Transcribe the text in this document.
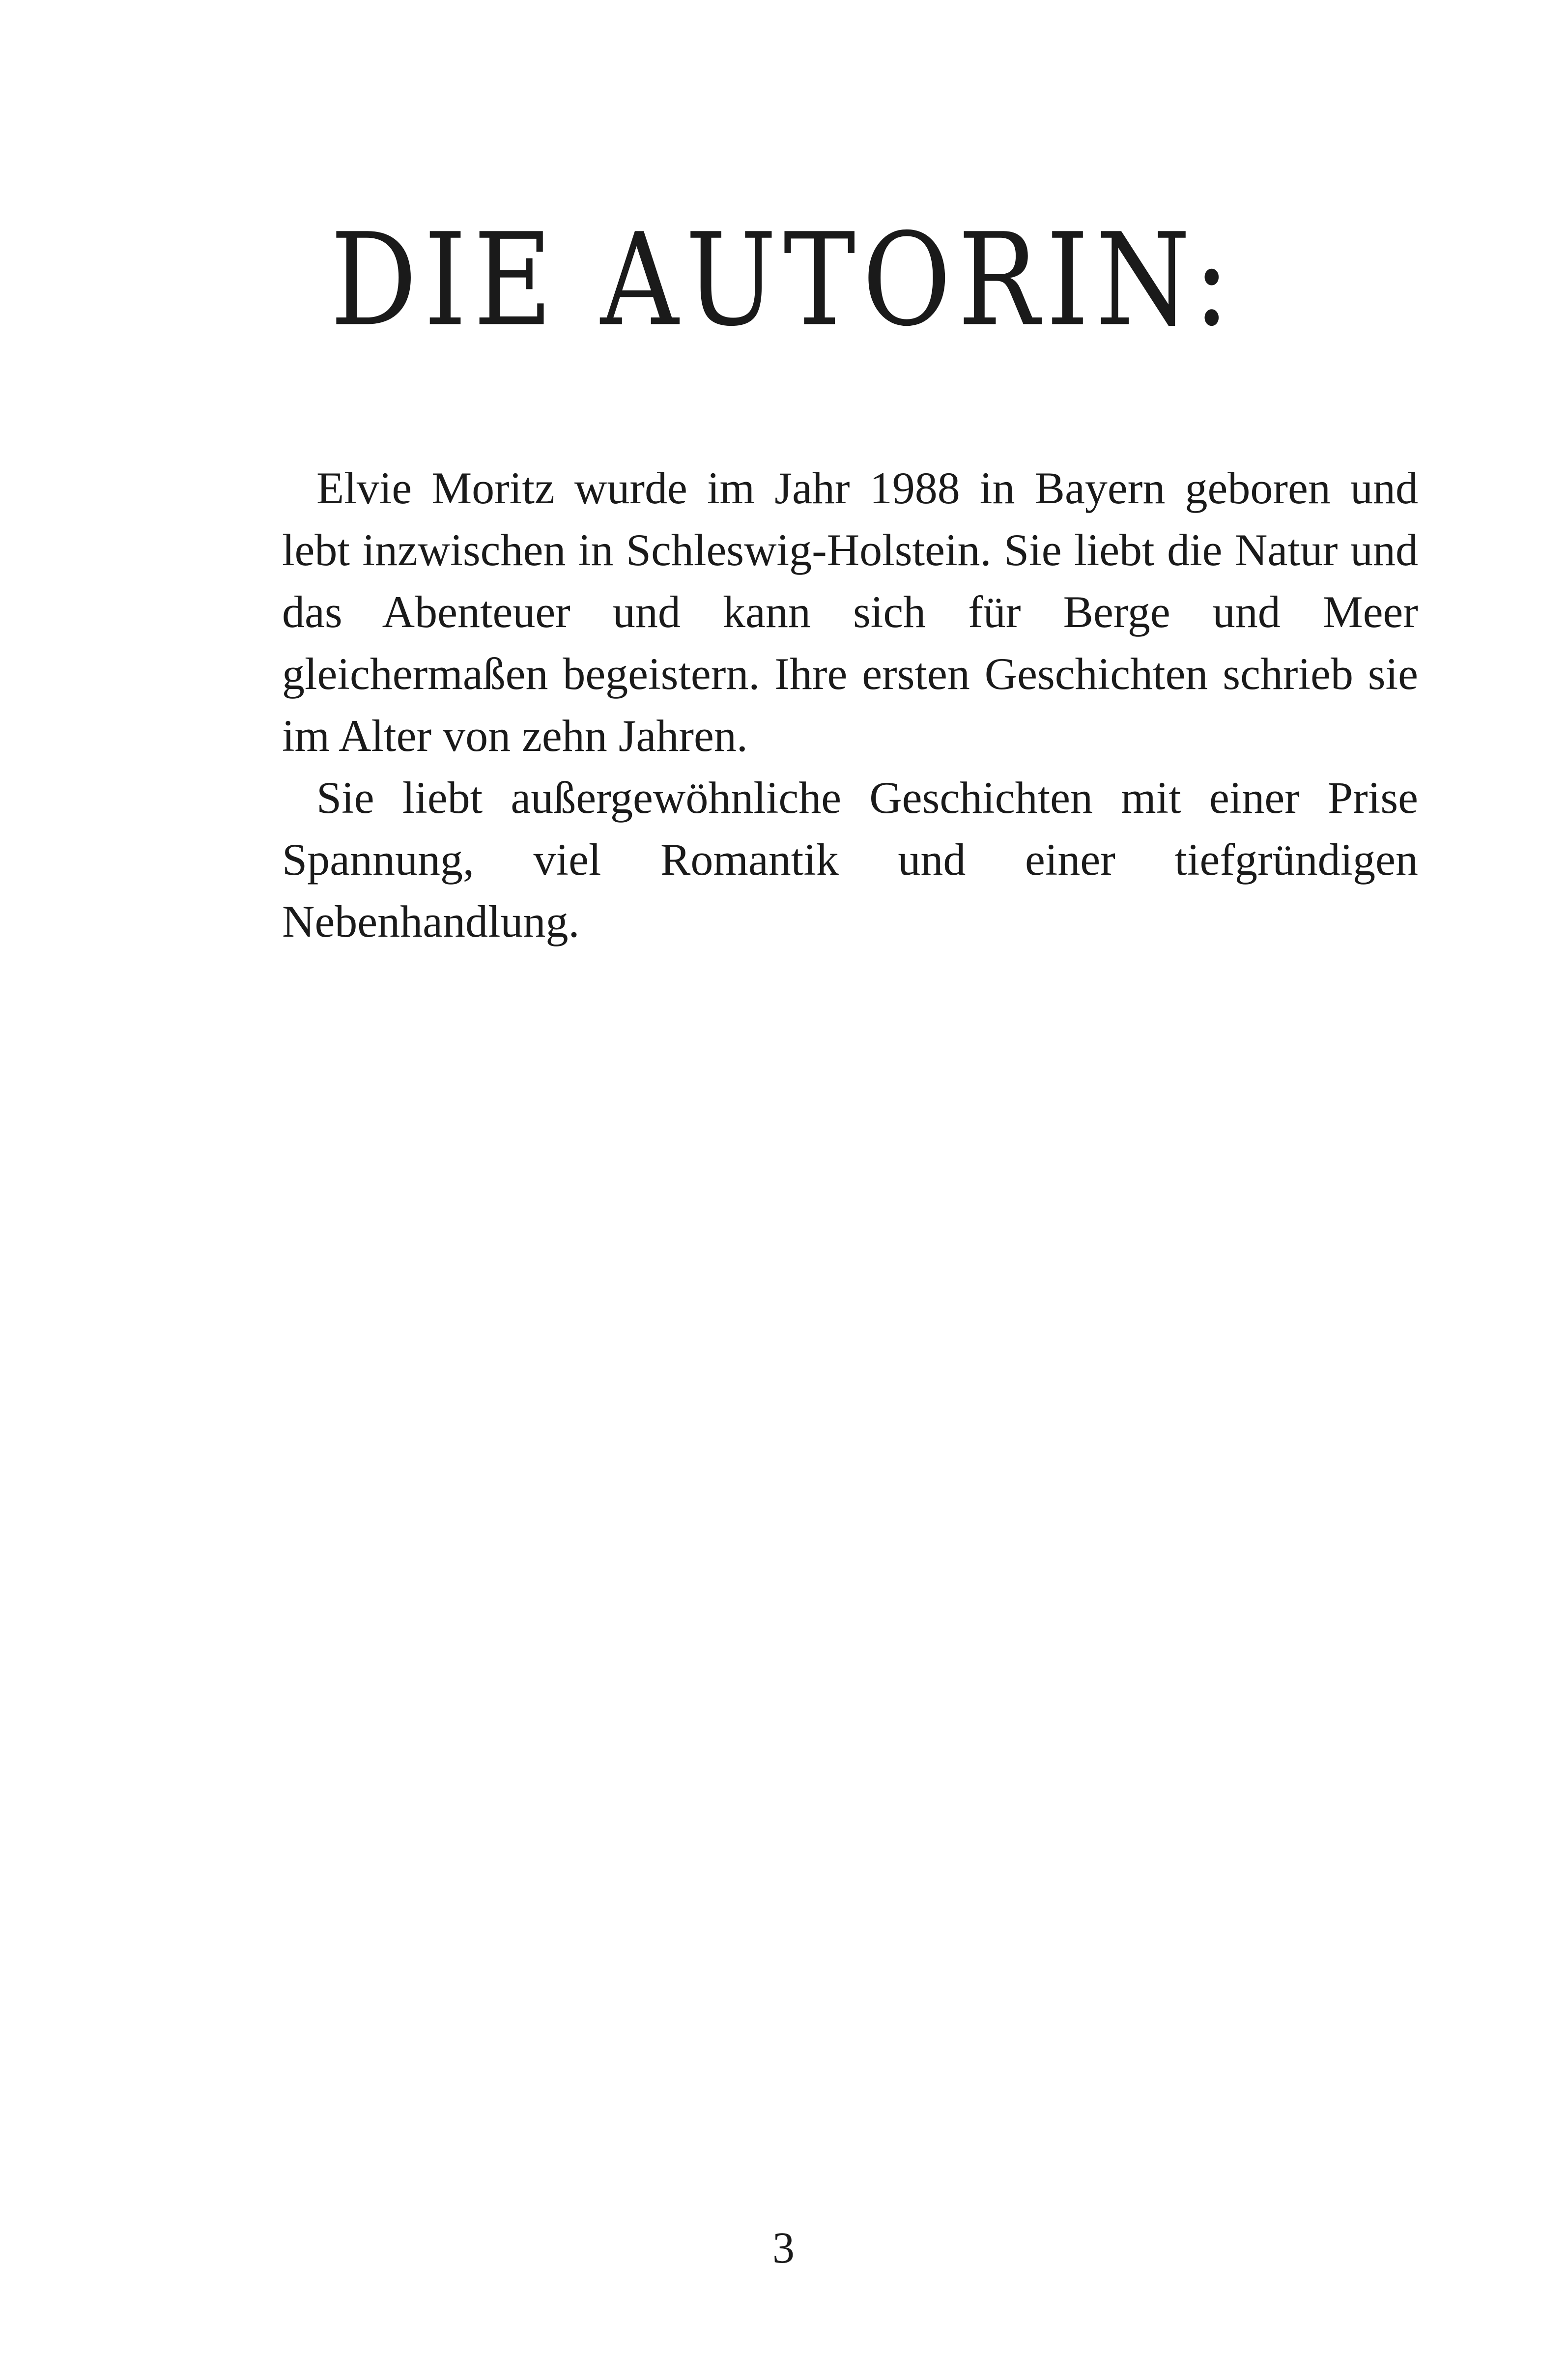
DIE AUTORIN:

Elvie Moritz wurde im Jahr 1988 in Bayern geboren und lebt inzwischen in Schleswig-Holstein. Sie liebt die Natur und das Abenteuer und kann sich für Berge und Meer gleichermaßen begeistern. Ihre ersten Geschichten schrieb sie im Alter von zehn Jahren.

Sie liebt außergewöhnliche Geschichten mit einer Prise Spannung, viel Romantik und einer tiefgründigen Nebenhandlung.

3
